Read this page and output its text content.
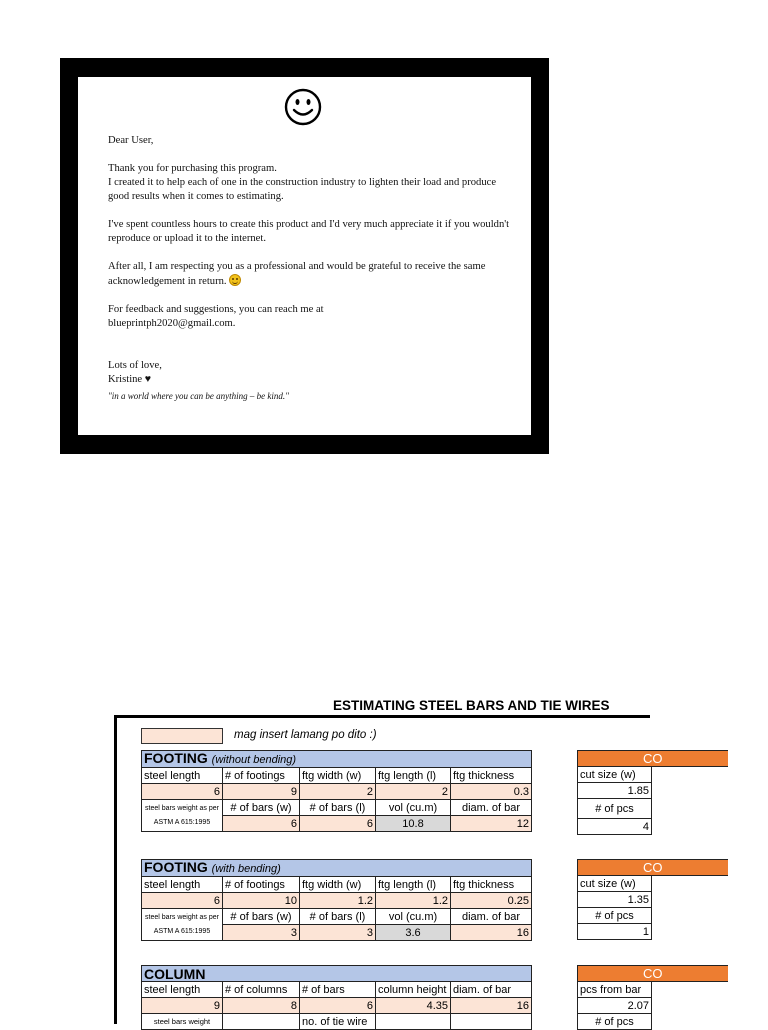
Dear User,

Thank you for purchasing this program.
I created it to help each of one in the construction industry to lighten their load and produce good results when it comes to estimating.

I've spent countless hours to create this product and I'd very much appreciate it if you wouldn't reproduce or upload it to the internet.

After all, I am respecting you as a professional and would be grateful to receive the same acknowledgement in return.

For feedback and suggestions, you can reach me at
blueprintph2020@gmail.com.

Lots of love,
Kristine ♥

"in a world where you can be anything – be kind."
ESTIMATING STEEL BARS AND TIE WIRES
mag insert lamang po dito :)
FOOTING (without bending)				
steel length	# of footings	ftg width (w)	ftg length (l)	ftg thickness
6	9	2	2	0.3
steel bars weight as per
ASTM A 615:1995	# of bars (w)	# of bars (l)	vol (cu.m)	diam. of bar
	6	6	10.8	12
CO	
cut size (w)	
1.85	
# of pcs	
4	
FOOTING (with bending)				
steel length	# of footings	ftg width (w)	ftg length (l)	ftg thickness
6	10	1.2	1.2	0.25
steel bars weight as per
ASTM A 615:1995	# of bars (w)	# of bars (l)	vol (cu.m)	diam. of bar
	3	3	3.6	16
CO	
cut size (w)	
1.35	
# of pcs	
1	
COLUMN				
steel length	# of columns	# of bars	column height	diam. of bar
9	8	6	4.35	16
steel bars weight		no. of tie wire		
CO	
pcs from bar	
2.07	
# of pcs	
